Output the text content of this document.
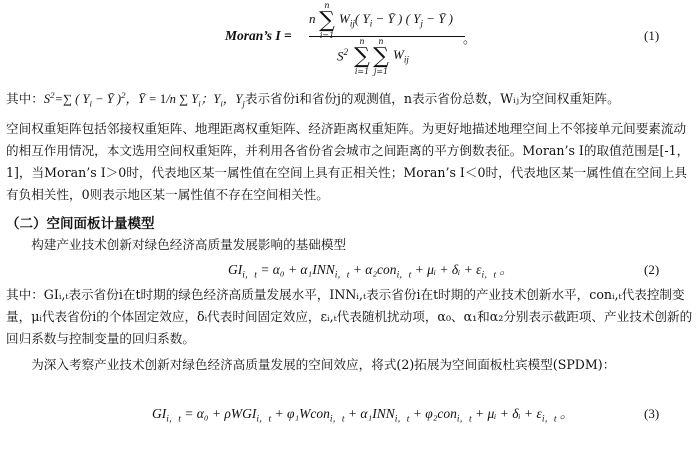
Moran’s I =
n
n
∑
i=1
$W_{ij}$( $Y_i$ − Ȳ ) ( $Y_j$ − Ȳ )
$S^2$
n
∑
i=1
n
∑
j=1
$W_{ij}$
。	(1)
其中：$S^2=\sum$ ( $Y_i$ − Ȳ )$^2$，Ȳ = 1/n ∑ $Y_i$；$Y_i$，$Y_j$表示省份i和省份j的观测值，n表示省份总数，Wᵢⱼ为空间权重矩阵。

空间权重矩阵包括邻接权重矩阵、地理距离权重矩阵、经济距离权重矩阵。为更好地描述地理空间上不邻接单元间要素流动的相互作用情况，本文选用空间权重矩阵，并利用各省份省会城市之间距离的平方倒数表征。Moran’s I的取值范围是[-1，1]，当Moran’s I＞0时，代表地区某一属性值在空间上具有正相关性；Moran’s I＜0时，代表地区某一属性值在空间上具有负相关性，0则表示地区某一属性值不存在空间相关性。

（二）空间面板计量模型

构建产业技术创新对绿色经济高质量发展影响的基础模型

$GI_{i,t} = \alpha_0 + \alpha_1INN_{i,t} + \alpha_2con_{i,t}$ + μᵢ + δᵢ + $\varepsilon_{i,t}$ 。	(2)

其中：GIᵢ,ₜ表示省份i在t时期的绿色经济高质量发展水平，INNᵢ,ₜ表示省份i在t时期的产业技术创新水平，conᵢ,ₜ代表控制变量，μᵢ代表省份i的个体固定效应，δᵢ代表时间固定效应，εᵢ,ₜ代表随机扰动项，α₀、α₁和α₂分别表示截距项、产业技术创新的回归系数与控制变量的回归系数。

为深入考察产业技术创新对绿色经济高质量发展的空间效应，将式(2)拓展为空间面板杜宾模型(SPDM)：

$GI_{i,t} = \alpha_0 + \rho WGI_{i,t}$ + φ₁Wcon$_{i,t}$ + $\alpha_1INN_{i,t} + \varphi_2con_{i,t}$ + μᵢ + δᵢ + $\varepsilon_{i,t}$ 。	(3)
